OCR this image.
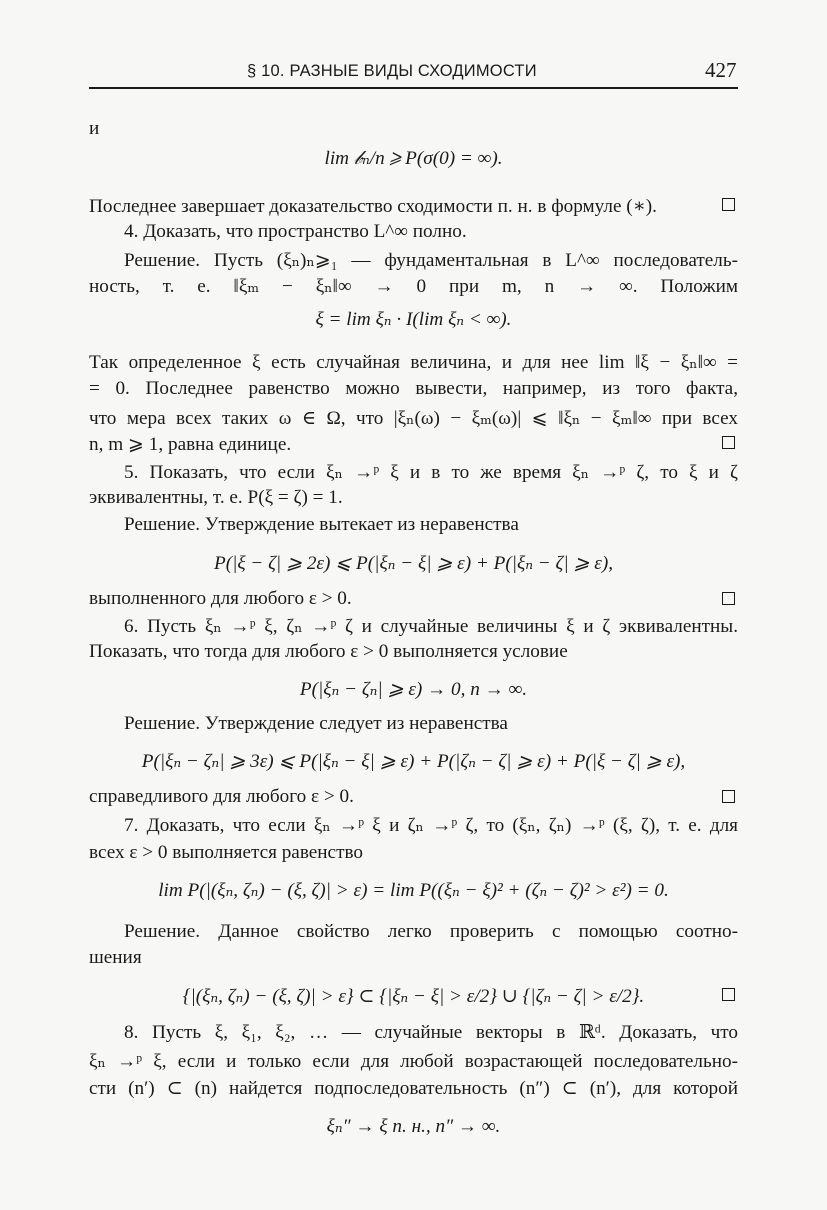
§ 10. РАЗНЫЕ ВИДЫ СХОДИМОСТИ	427
и
lim 𝒷ₙ/n ⩾ P(σ(0) = ∞).
Последнее завершает доказательство сходимости п. н. в формуле (∗).
4. Доказать, что пространство L^∞ полно.
Решение. Пусть (ξₙ)ₙ⩾₁ — фундаментальная в L^∞ последователь-
ность, т. е. ‖ξₘ − ξₙ‖∞ → 0 при m, n → ∞. Положим
ξ = lim ξₙ · I(lim ξₙ < ∞).
Так определенное ξ есть случайная величина, и для нее lim ‖ξ − ξₙ‖∞ =
= 0. Последнее равенство можно вывести, например, из того факта,
что мера всех таких ω ∈ Ω, что |ξₙ(ω) − ξₘ(ω)| ⩽ ‖ξₙ − ξₘ‖∞ при всех
n, m ⩾ 1, равна единице.
5. Показать, что если ξₙ →ᵖ ξ и в то же время ξₙ →ᵖ ζ, то ξ и ζ
эквивалентны, т. е. P(ξ = ζ) = 1.
Решение. Утверждение вытекает из неравенства
P(|ξ − ζ| ⩾ 2ε) ⩽ P(|ξₙ − ξ| ⩾ ε) + P(|ξₙ − ζ| ⩾ ε),
выполненного для любого ε > 0.
6. Пусть ξₙ →ᵖ ξ, ζₙ →ᵖ ζ и случайные величины ξ и ζ эквивалентны.
Показать, что тогда для любого ε > 0 выполняется условие
P(|ξₙ − ζₙ| ⩾ ε) → 0, n → ∞.
Решение. Утверждение следует из неравенства
P(|ξₙ − ζₙ| ⩾ 3ε) ⩽ P(|ξₙ − ξ| ⩾ ε) + P(|ζₙ − ζ| ⩾ ε) + P(|ξ − ζ| ⩾ ε),
справедливого для любого ε > 0.
7. Доказать, что если ξₙ →ᵖ ξ и ζₙ →ᵖ ζ, то (ξₙ, ζₙ) →ᵖ (ξ, ζ), т. е. для
всех ε > 0 выполняется равенство
lim P(|(ξₙ, ζₙ) − (ξ, ζ)| > ε) = lim P((ξₙ − ξ)² + (ζₙ − ζ)² > ε²) = 0.
Решение. Данное свойство легко проверить с помощью соотно-
шения
{|(ξₙ, ζₙ) − (ξ, ζ)| > ε} ⊂ {|ξₙ − ξ| > ε/2} ∪ {|ζₙ − ζ| > ε/2}.
8. Пусть ξ, ξ₁, ξ₂, … — случайные векторы в ℝᵈ. Доказать, что
ξₙ →ᵖ ξ, если и только если для любой возрастающей последовательно-
сти (n′) ⊂ (n) найдется подпоследовательность (n″) ⊂ (n′), для которой
ξₙ″ → ξ п. н., n″ → ∞.
